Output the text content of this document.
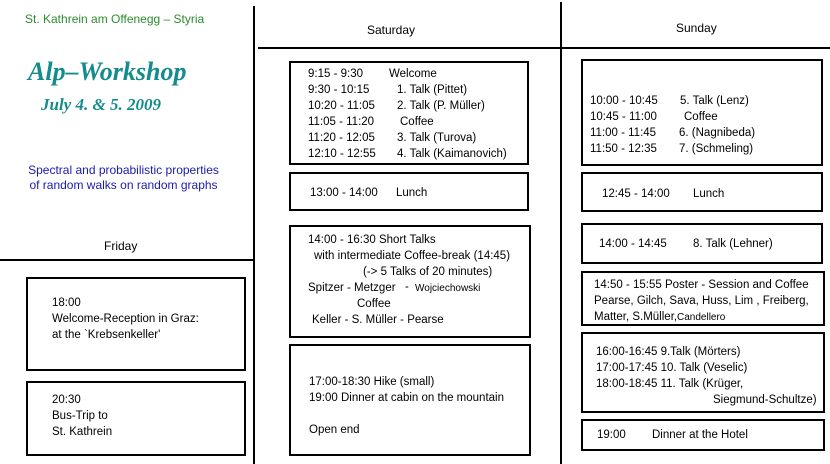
St. Kathrein am Offenegg – Styria
Alp–Workshop
July 4. & 5. 2009
Spectral and probabilistic properties
of random walks on random graphs
Friday
Saturday	Sunday
18:00
Welcome-Reception in Graz:
at the `Krebsenkeller'
20:30
Bus-Trip to
St. Kathrein
9:15 - 9:30	Welcome
9:30 - 10:15	1. Talk (Pittet)
10:20 - 11:05	2. Talk (P. Müller)
11:05 - 11:20	Coffee
11:20 - 12:05	3. Talk (Turova)
12:10 - 12:55	4. Talk (Kaimanovich)
13:00 - 14:00	Lunch
14:00 - 16:30 Short Talks
with intermediate Coffee-break (14:45)
(-> 5 Talks of 20 minutes)
Spitzer - Metzger - Wojciechowski
Coffee
Keller - S. Müller - Pearse
17:00-18:30 Hike (small)
19:00 Dinner at cabin on the mountain
Open end
10:00 - 10:45	5. Talk (Lenz)
10:45 - 11:00	Coffee
11:00 - 11:45	6. (Nagnibeda)
11:50 - 12:35	7. (Schmeling)
12:45 - 14:00	Lunch
14:00 - 14:45	8. Talk (Lehner)
14:50 - 15:55 Poster - Session and Coffee
Pearse, Gilch, Sava, Huss, Lim , Freiberg,
Matter, S.Müller, Candellero
16:00-16:45 9.Talk (Mörters)
17:00-17:45 10. Talk (Veselic)
18:00-18:45 11. Talk (Krüger,
Siegmund-Schultze)
19:00	Dinner at the Hotel
